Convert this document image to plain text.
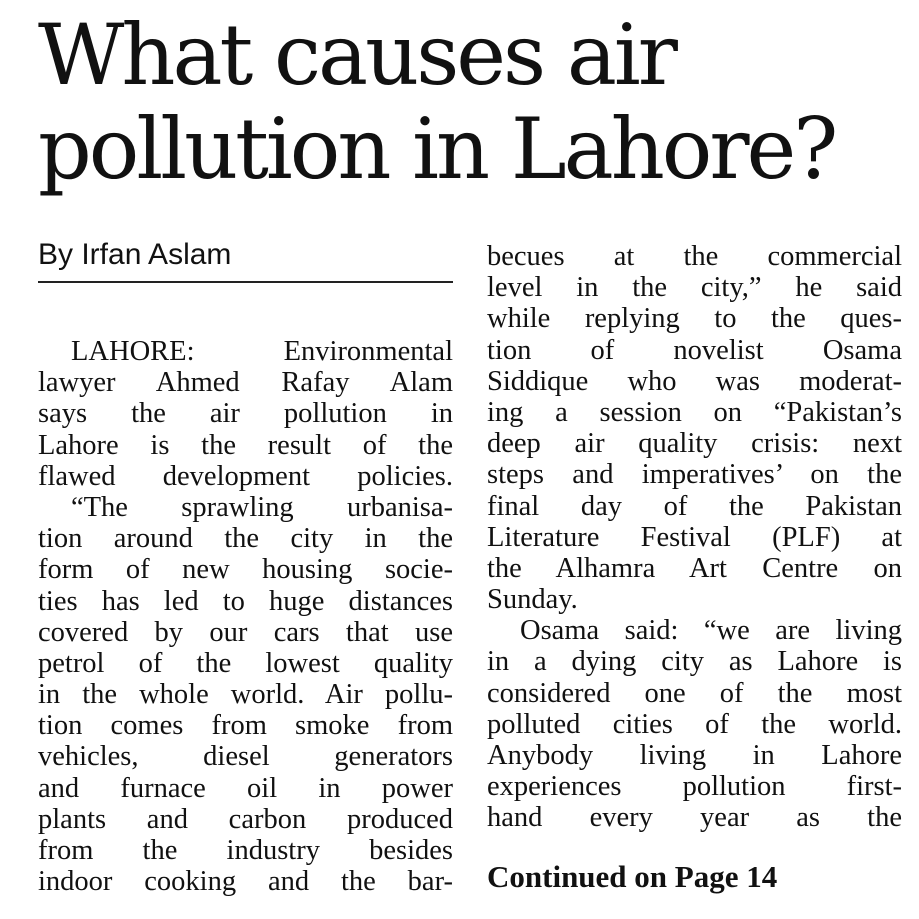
What causes air
pollution in Lahore?
By Irfan Aslam
LAHORE: Environmental
lawyer Ahmed Rafay Alam
says the air pollution in
Lahore is the result of the
flawed development policies.
“The sprawling urbanisa-
tion around the city in the
form of new housing socie-
ties has led to huge distances
covered by our cars that use
petrol of the lowest quality
in the whole world. Air pollu-
tion comes from smoke from
vehicles, diesel generators
and furnace oil in power
plants and carbon produced
from the industry besides
indoor cooking and the bar-
becues at the commercial
level in the city,” he said
while replying to the ques-
tion of novelist Osama
Siddique who was moderat-
ing a session on “Pakistan’s
deep air quality crisis: next
steps and imperatives’ on the
final day of the Pakistan
Literature Festival (PLF) at
the Alhamra Art Centre on
Sunday.
Osama said: “we are living
in a dying city as Lahore is
considered one of the most
polluted cities of the world.
Anybody living in Lahore
experiences pollution first-
hand every year as the
Continued on Page 14
